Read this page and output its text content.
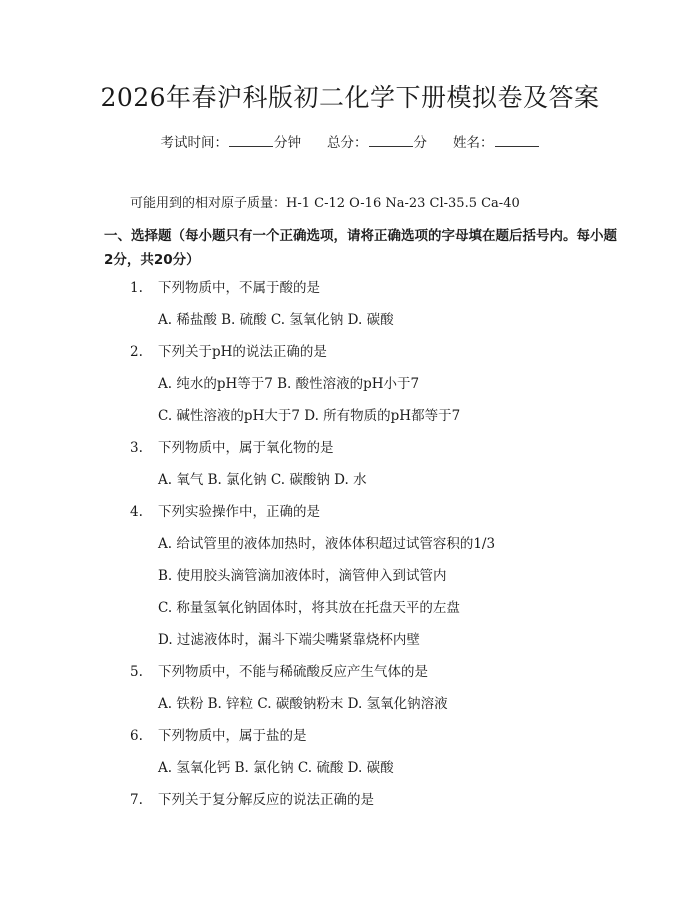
2026年春沪科版初二化学下册模拟卷及答案
考试时间：	分钟 总分：	分 姓名：
可能用到的相对原子质量：H-1 C-12 O-16 Na-23 Cl-35.5 Ca-40
一、选择题（每小题只有一个正确选项，请将正确选项的字母填在题后括号内。每小题2分，共20分）
1. 下列物质中，不属于酸的是
A. 稀盐酸 B. 硫酸 C. 氢氧化钠 D. 碳酸
2. 下列关于pH的说法正确的是
A. 纯水的pH等于7 B. 酸性溶液的pH小于7
C. 碱性溶液的pH大于7 D. 所有物质的pH都等于7
3. 下列物质中，属于氧化物的是
A. 氧气 B. 氯化钠 C. 碳酸钠 D. 水
4. 下列实验操作中，正确的是
A. 给试管里的液体加热时，液体体积超过试管容积的1/3
B. 使用胶头滴管滴加液体时，滴管伸入到试管内
C. 称量氢氧化钠固体时，将其放在托盘天平的左盘
D. 过滤液体时，漏斗下端尖嘴紧靠烧杯内壁
5. 下列物质中，不能与稀硫酸反应产生气体的是
A. 铁粉 B. 锌粒 C. 碳酸钠粉末 D. 氢氧化钠溶液
6. 下列物质中，属于盐的是
A. 氢氧化钙 B. 氯化钠 C. 硫酸 D. 碳酸
7. 下列关于复分解反应的说法正确的是
